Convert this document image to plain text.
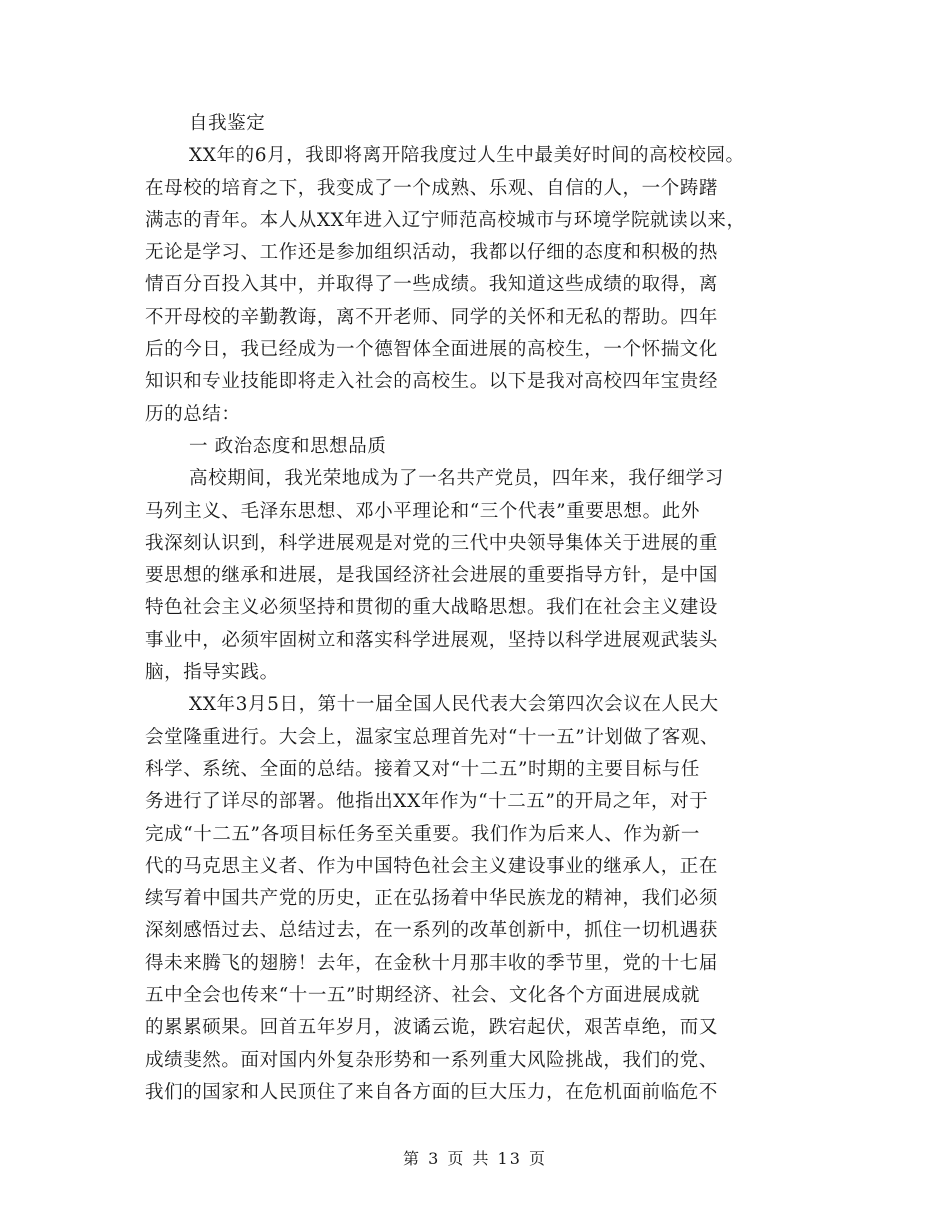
自我鉴定
XX年的6月，我即将离开陪我度过人生中最美好时间的高校校园。
在母校的培育之下，我变成了一个成熟、乐观、自信的人，一个踌躇
满志的青年。本人从XX年进入辽宁师范高校城市与环境学院就读以来，
无论是学习、工作还是参加组织活动，我都以仔细的态度和积极的热
情百分百投入其中，并取得了一些成绩。我知道这些成绩的取得，离
不开母校的辛勤教诲，离不开老师、同学的关怀和无私的帮助。四年
后的今日，我已经成为一个德智体全面进展的高校生，一个怀揣文化
知识和专业技能即将走入社会的高校生。以下是我对高校四年宝贵经
历的总结：
一 政治态度和思想品质
高校期间，我光荣地成为了一名共产党员，四年来，我仔细学习
马列主义、毛泽东思想、邓小平理论和“三个代表”重要思想。此外
我深刻认识到，科学进展观是对党的三代中央领导集体关于进展的重
要思想的继承和进展，是我国经济社会进展的重要指导方针，是中国
特色社会主义必须坚持和贯彻的重大战略思想。我们在社会主义建设
事业中，必须牢固树立和落实科学进展观，坚持以科学进展观武装头
脑，指导实践。
XX年3月5日，第十一届全国人民代表大会第四次会议在人民大
会堂隆重进行。大会上，温家宝总理首先对“十一五”计划做了客观、
科学、系统、全面的总结。接着又对“十二五”时期的主要目标与任
务进行了详尽的部署。他指出XX年作为“十二五”的开局之年，对于
完成“十二五”各项目标任务至关重要。我们作为后来人、作为新一
代的马克思主义者、作为中国特色社会主义建设事业的继承人，正在
续写着中国共产党的历史，正在弘扬着中华民族龙的精神，我们必须
深刻感悟过去、总结过去，在一系列的改革创新中，抓住一切机遇获
得未来腾飞的翅膀！去年，在金秋十月那丰收的季节里，党的十七届
五中全会也传来“十一五”时期经济、社会、文化各个方面进展成就
的累累硕果。回首五年岁月，波谲云诡，跌宕起伏，艰苦卓绝，而又
成绩斐然。面对国内外复杂形势和一系列重大风险挑战，我们的党、
我们的国家和人民顶住了来自各方面的巨大压力，在危机面前临危不
第 3 页 共 13 页
